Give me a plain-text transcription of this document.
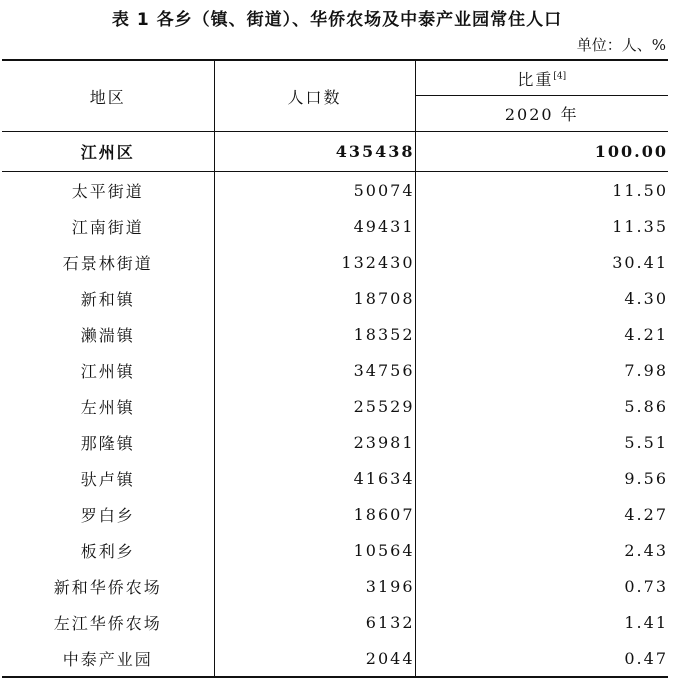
表 1 各乡（镇、街道）、华侨农场及中泰产业园常住人口
单位：人、%
地区	人口数	比重[4]
		2020 年
江州区	435438	100.00
太平街道	50074	11.50
江南街道	49431	11.35
石景林街道	132430	30.41
新和镇	18708	4.30
濑湍镇	18352	4.21
江州镇	34756	7.98
左州镇	25529	5.86
那隆镇	23981	5.51
驮卢镇	41634	9.56
罗白乡	18607	4.27
板利乡	10564	2.43
新和华侨农场	3196	0.73
左江华侨农场	6132	1.41
中泰产业园	2044	0.47
